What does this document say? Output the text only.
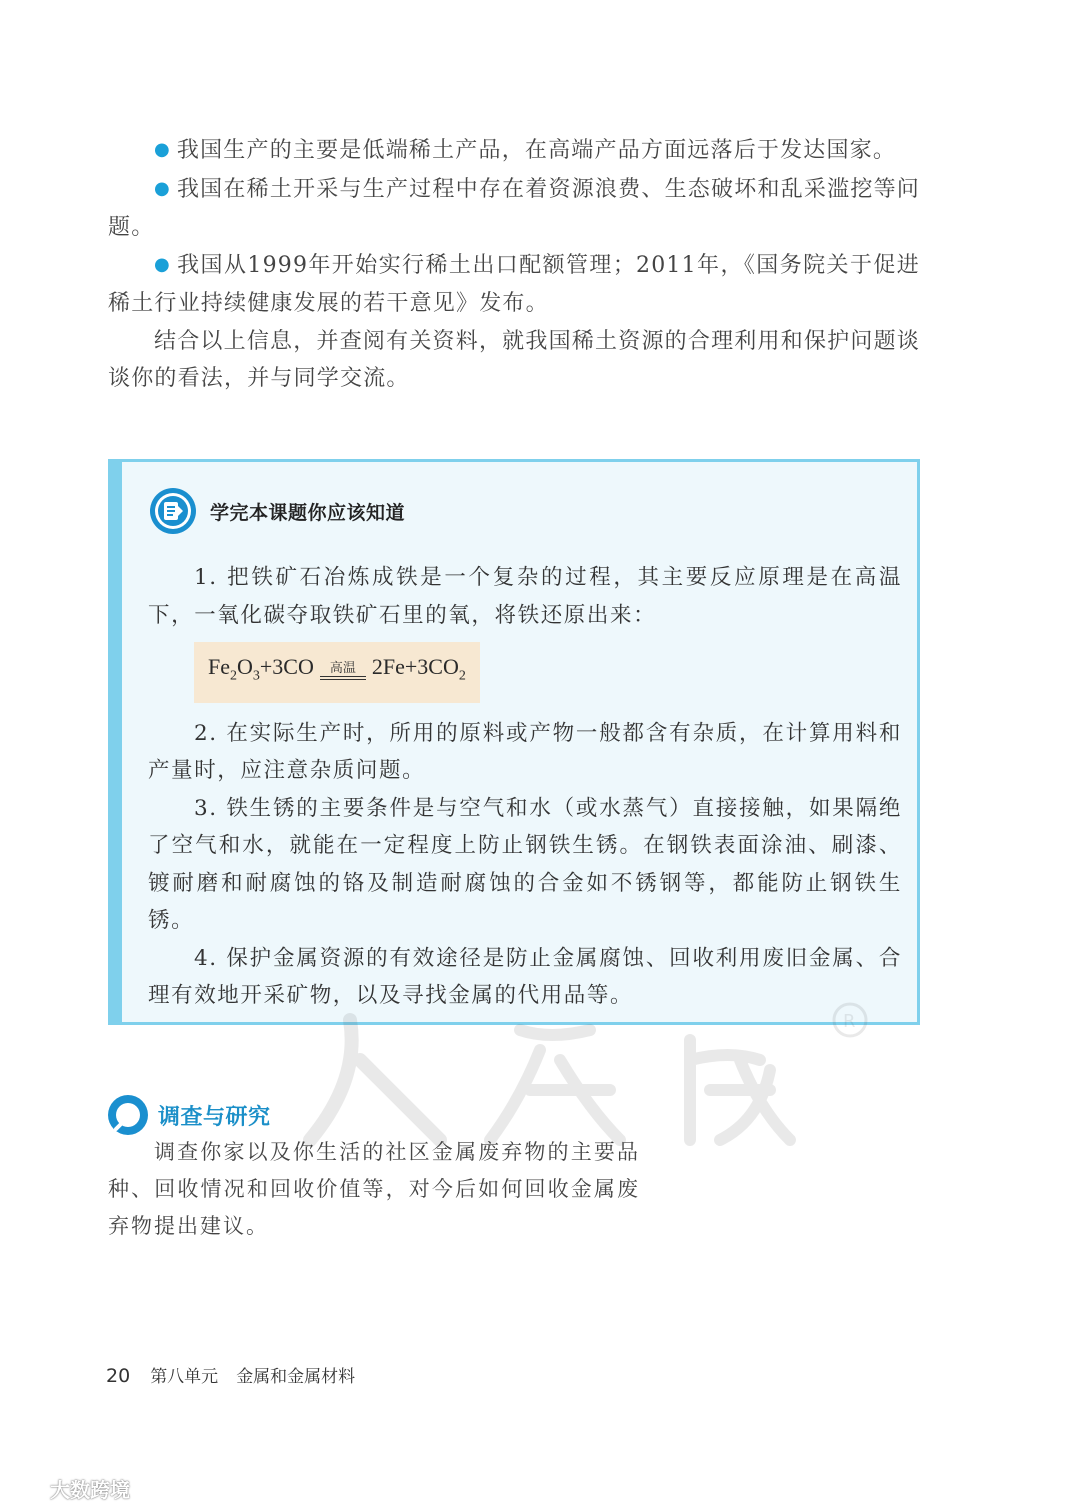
● 我国生产的主要是低端稀土产品，在高端产品方面远落后于发达国家。

● 我国在稀土开采与生产过程中存在着资源浪费、生态破坏和乱采滥挖等问题。

● 我国从1999年开始实行稀土出口配额管理；2011年，《国务院关于促进稀土行业持续健康发展的若干意见》发布。

结合以上信息，并查阅有关资料，就我国稀土资源的合理利用和保护问题谈谈你的看法，并与同学交流。

学完本课题你应该知道

1. 把铁矿石冶炼成铁是一个复杂的过程，其主要反应原理是在高温下，一氧化碳夺取铁矿石里的氧，将铁还原出来：

$Fe_2O_3+3CO$ 高温 $2Fe+3CO_2$

2. 在实际生产时，所用的原料或产物一般都含有杂质，在计算用料和产量时，应注意杂质问题。

3. 铁生锈的主要条件是与空气和水（或水蒸气）直接接触，如果隔绝了空气和水，就能在一定程度上防止钢铁生锈。在钢铁表面涂油、刷漆、镀耐磨和耐腐蚀的铬及制造耐腐蚀的合金如不锈钢等，都能防止钢铁生锈。

4. 保护金属资源的有效途径是防止金属腐蚀、回收利用废旧金属、合理有效地开采矿物，以及寻找金属的代用品等。

R
调查与研究

调查你家以及你生活的社区金属废弃物的主要品种、回收情况和回收价值等，对今后如何回收金属废弃物提出建议。

20 第八单元 金属和金属材料
大数跨境
